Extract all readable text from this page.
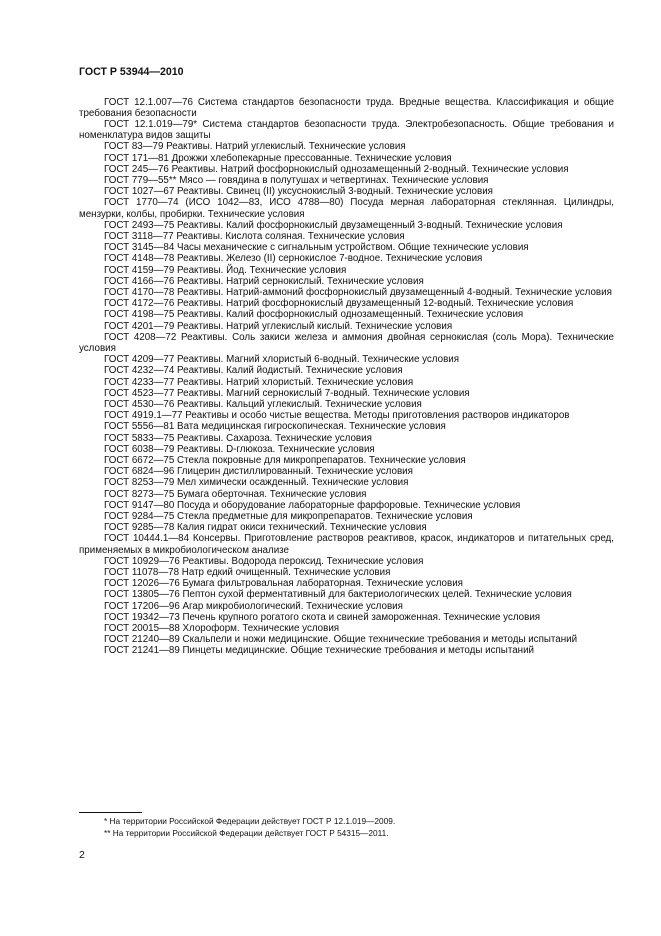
ГОСТ Р 53944—2010

ГОСТ 12.1.007—76 Система стандартов безопасности труда. Вредные вещества. Классификация и общие требования безопасности

ГОСТ 12.1.019—79* Система стандартов безопасности труда. Электробезопасность. Общие требования и номенклатура видов защиты

ГОСТ 83—79 Реактивы. Натрий углекислый. Технические условия

ГОСТ 171—81 Дрожжи хлебопекарные прессованные. Технические условия

ГОСТ 245—76 Реактивы. Натрий фосфорнокислый однозамещенный 2-водный. Технические условия

ГОСТ 779—55** Мясо — говядина в полутушах и четвертинах. Технические условия

ГОСТ 1027—67 Реактивы. Свинец (II) уксуснокислый 3-водный. Технические условия

ГОСТ 1770—74 (ИСО 1042—83, ИСО 4788—80) Посуда мерная лабораторная стеклянная. Цилиндры, мензурки, колбы, пробирки. Технические условия

ГОСТ 2493—75 Реактивы. Калий фосфорнокислый двузамещенный 3-водный. Технические условия

ГОСТ 3118—77 Реактивы. Кислота соляная. Технические условия

ГОСТ 3145—84 Часы механические с сигнальным устройством. Общие технические условия

ГОСТ 4148—78 Реактивы. Железо (II) сернокислое 7-водное. Технические условия

ГОСТ 4159—79 Реактивы. Йод. Технические условия

ГОСТ 4166—76 Реактивы. Натрий сернокислый. Технические условия

ГОСТ 4170—78 Реактивы. Натрий-аммоний фосфорнокислый двузамещенный 4-водный. Технические условия

ГОСТ 4172—76 Реактивы. Натрий фосфорнокислый двузамещенный 12-водный. Технические условия

ГОСТ 4198—75 Реактивы. Калий фосфорнокислый однозамещенный. Технические условия

ГОСТ 4201—79 Реактивы. Натрий углекислый кислый. Технические условия

ГОСТ 4208—72 Реактивы. Соль закиси железа и аммония двойная сернокислая (соль Мора). Технические условия

ГОСТ 4209—77 Реактивы. Магний хлористый 6-водный. Технические условия

ГОСТ 4232—74 Реактивы. Калий йодистый. Технические условия

ГОСТ 4233—77 Реактивы. Натрий хлористый. Технические условия

ГОСТ 4523—77 Реактивы. Магний сернокислый 7-водный. Технические условия

ГОСТ 4530—76 Реактивы. Кальций углекислый. Технические условия

ГОСТ 4919.1—77 Реактивы и особо чистые вещества. Методы приготовления растворов индикаторов

ГОСТ 5556—81 Вата медицинская гигроскопическая. Технические условия

ГОСТ 5833—75 Реактивы. Сахароза. Технические условия

ГОСТ 6038—79 Реактивы. D-глюкоза. Технические условия

ГОСТ 6672—75 Стекла покровные для микропрепаратов. Технические условия

ГОСТ 6824—96 Глицерин дистиллированный. Технические условия

ГОСТ 8253—79 Мел химически осажденный. Технические условия

ГОСТ 8273—75 Бумага оберточная. Технические условия

ГОСТ 9147—80 Посуда и оборудование лабораторные фарфоровые. Технические условия

ГОСТ 9284—75 Стекла предметные для микропрепаратов. Технические условия

ГОСТ 9285—78 Калия гидрат окиси технический. Технические условия

ГОСТ 10444.1—84 Консервы. Приготовление растворов реактивов, красок, индикаторов и питательных сред, применяемых в микробиологическом анализе

ГОСТ 10929—76 Реактивы. Водорода пероксид. Технические условия

ГОСТ 11078—78 Натр едкий очищенный. Технические условия

ГОСТ 12026—76 Бумага фильтровальная лабораторная. Технические условия

ГОСТ 13805—76 Пептон сухой ферментативный для бактериологических целей. Технические условия

ГОСТ 17206—96 Агар микробиологический. Технические условия

ГОСТ 19342—73 Печень крупного рогатого скота и свиней замороженная. Технические условия

ГОСТ 20015—88 Хлороформ. Технические условия

ГОСТ 21240—89 Скальпели и ножи медицинские. Общие технические требования и методы испытаний

ГОСТ 21241—89 Пинцеты медицинские. Общие технические требования и методы испытаний

* На территории Российской Федерации действует ГОСТ Р 12.1.019—2009.
** На территории Российской Федерации действует ГОСТ Р 54315—2011.
2
